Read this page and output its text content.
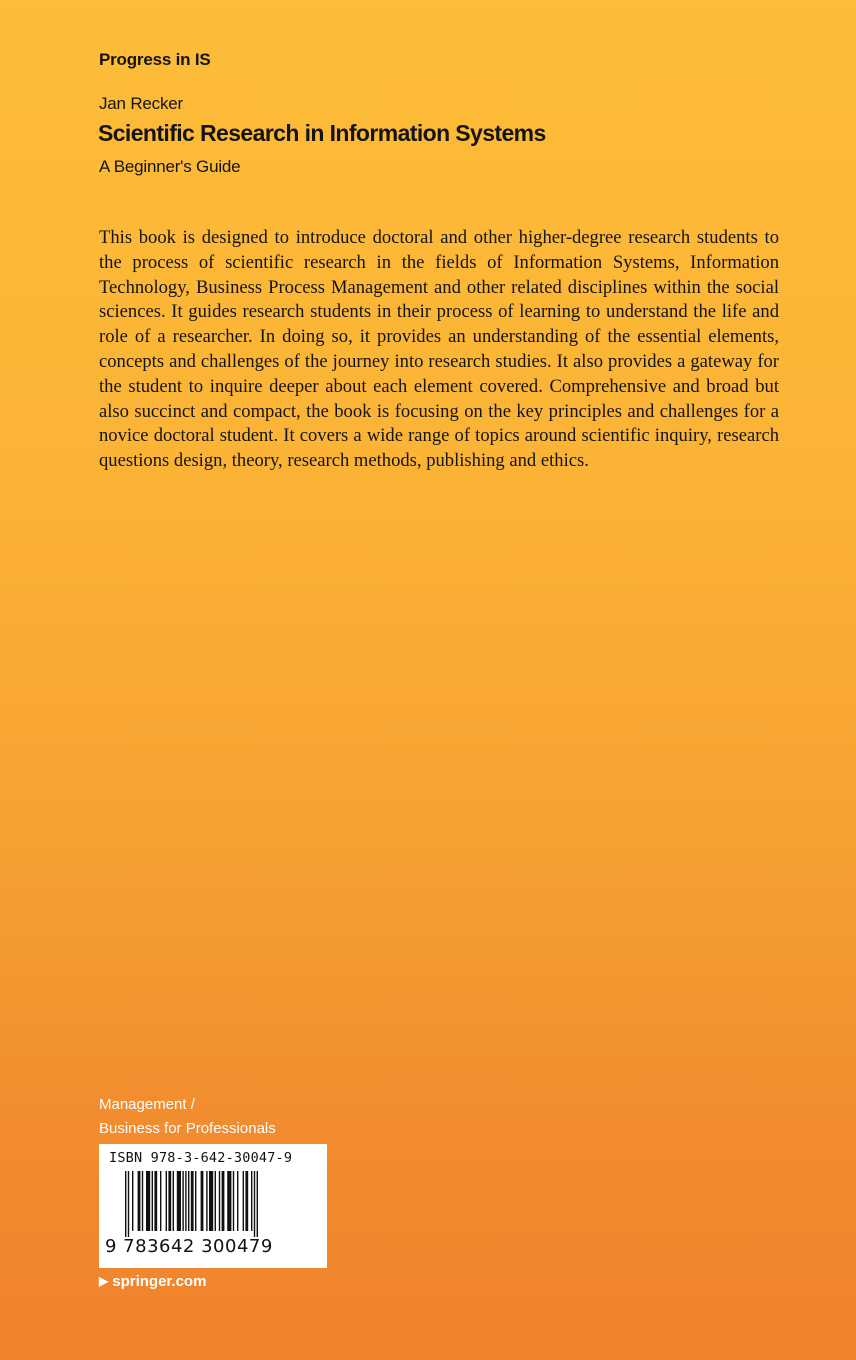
Progress in IS
Jan Recker
Scientific Research in Information Systems
A Beginner's Guide

This book is designed to introduce doctoral and other higher-degree research students to the process of scientific research in the fields of Information Systems, Information Technology, Business Process Management and other related disciplines within the social sciences. It guides research students in their process of learning to understand the life and role of a researcher. In doing so, it provides an understanding of the essential elements, concepts and challenges of the journey into research studies. It also provides a gateway for the student to inquire deeper about each element covered. Comprehensive and broad but also succinct and compact, the book is focusing on the key principles and challenges for a novice doctoral student. It covers a wide range of topics around scientific inquiry, research questions design, theory, research methods, publishing and ethics.

Management /
Business for Professionals
ISBN 978-3-642-30047-9
9 783642 300479
▶ springer.com
